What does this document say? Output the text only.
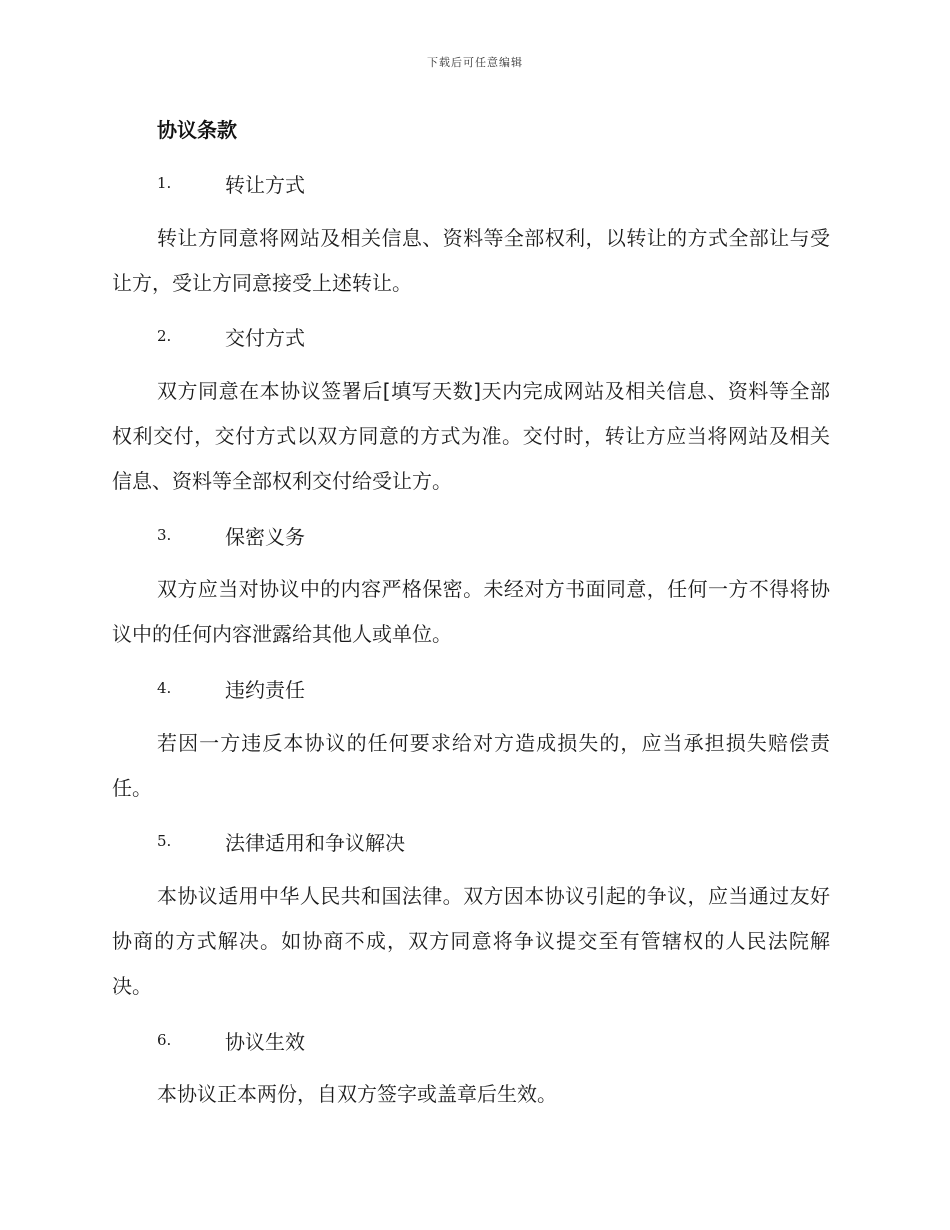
下载后可任意编辑
协议条款
1.	转让方式

转让方同意将网站及相关信息、资料等全部权利，以转让的方式全部让与受让方，受让方同意接受上述转让。

2.	交付方式

双方同意在本协议签署后[填写天数]天内完成网站及相关信息、资料等全部权利交付，交付方式以双方同意的方式为准。交付时，转让方应当将网站及相关信息、资料等全部权利交付给受让方。

3.	保密义务

双方应当对协议中的内容严格保密。未经对方书面同意，任何一方不得将协议中的任何内容泄露给其他人或单位。

4.	违约责任

若因一方违反本协议的任何要求给对方造成损失的，应当承担损失赔偿责任。

5.	法律适用和争议解决

本协议适用中华人民共和国法律。双方因本协议引起的争议，应当通过友好协商的方式解决。如协商不成，双方同意将争议提交至有管辖权的人民法院解决。

6.	协议生效

本协议正本两份，自双方签字或盖章后生效。
